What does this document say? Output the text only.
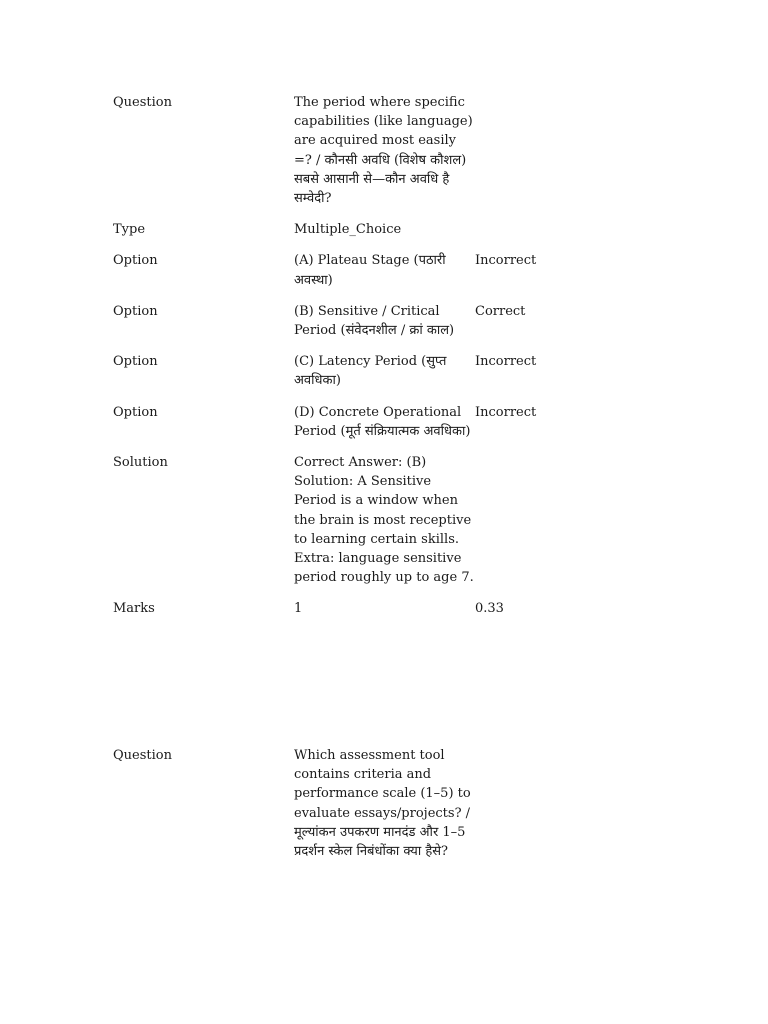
Question	The period where specific capabilities (like language) are acquired most easily =? / कौनसी अवधि (विशेष कौशल) सबसे आसानी से—कौन अवधि है सम्वेदी?	

Type	Multiple_Choice	

Option	(A) Plateau Stage (पठारी अवस्था)	Incorrect

Option	(B) Sensitive / Critical Period (संवेदनशील / क्रां काल)	Correct

Option	(C) Latency Period (सुप्त अवधिका)	Incorrect

Option	(D) Concrete Operational Period (मूर्त संक्रियात्मक अवधिका)	Incorrect

Solution	Correct Answer: (B) Solution: A Sensitive Period is a window when the brain is most receptive to learning certain skills. Extra: language sensitive period roughly up to age 7.	

Marks	1	0.33
Question	Which assessment tool contains criteria and performance scale (1–5) to evaluate essays/projects? / मूल्यांकन उपकरण मानदंड और 1–5 प्रदर्शन स्केल निबंधोंका क्या हैसे?	
